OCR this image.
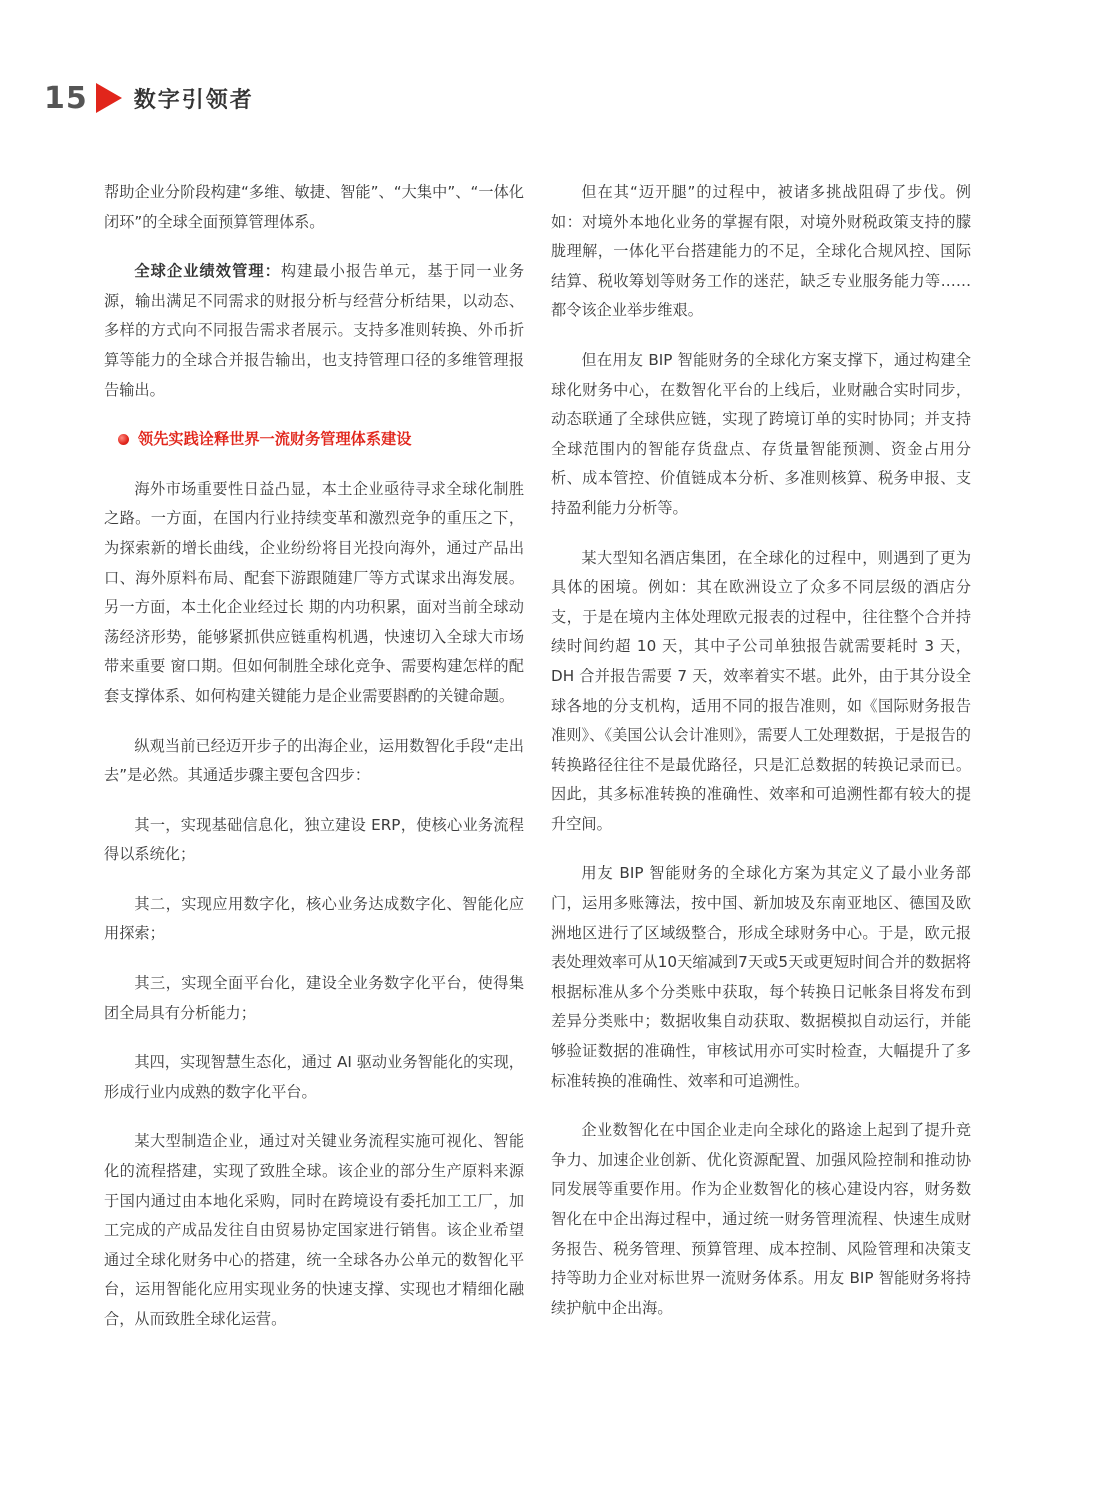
15 数字引领者

帮助企业分阶段构建“多维、敏捷、智能”、“大集中”、“一体化闭环”的全球全面预算管理体系。

全球企业绩效管理：构建最小报告单元，基于同一业务源，输出满足不同需求的财报分析与经营分析结果，以动态、多样的方式向不同报告需求者展示。支持多准则转换、外币折算等能力的全球合并报告输出，也支持管理口径的多维管理报告输出。

领先实践诠释世界一流财务管理体系建设

海外市场重要性日益凸显，本土企业亟待寻求全球化制胜之路。一方面，在国内行业持续变革和激烈竞争的重压之下，为探索新的增长曲线，企业纷纷将目光投向海外，通过产品出口、海外原料布局、配套下游跟随建厂等方式谋求出海发展。另一方面，本土化企业经过长 期的内功积累，面对当前全球动荡经济形势，能够紧抓供应链重构机遇，快速切入全球大市场带来重要 窗口期。但如何制胜全球化竞争、需要构建怎样的配套支撑体系、如何构建关键能力是企业需要斟酌的关键命题。

纵观当前已经迈开步子的出海企业，运用数智化手段“走出去”是必然。其通适步骤主要包含四步：

其一，实现基础信息化，独立建设 ERP，使核心业务流程得以系统化；

其二，实现应用数字化，核心业务达成数字化、智能化应用探索；

其三，实现全面平台化，建设全业务数字化平台，使得集团全局具有分析能力；

其四，实现智慧生态化，通过 AI 驱动业务智能化的实现，形成行业内成熟的数字化平台。

某大型制造企业，通过对关键业务流程实施可视化、智能化的流程搭建，实现了致胜全球。该企业的部分生产原料来源于国内通过由本地化采购，同时在跨境设有委托加工工厂，加工完成的产成品发往自由贸易协定国家进行销售。该企业希望通过全球化财务中心的搭建，统一全球各办公单元的数智化平台，运用智能化应用实现业务的快速支撑、实现也才精细化融合，从而致胜全球化运营。

但在其“迈开腿”的过程中，被诸多挑战阻碍了步伐。例如：对境外本地化业务的掌握有限，对境外财税政策支持的朦胧理解，一体化平台搭建能力的不足，全球化合规风控、国际结算、税收筹划等财务工作的迷茫，缺乏专业服务能力等……都令该企业举步维艰。

但在用友 BIP 智能财务的全球化方案支撑下，通过构建全球化财务中心，在数智化平台的上线后，业财融合实时同步，动态联通了全球供应链，实现了跨境订单的实时协同；并支持全球范围内的智能存货盘点、存货量智能预测、资金占用分析、成本管控、价值链成本分析、多准则核算、税务申报、支持盈利能力分析等。

某大型知名酒店集团，在全球化的过程中，则遇到了更为具体的困境。例如：其在欧洲设立了众多不同层级的酒店分支，于是在境内主体处理欧元报表的过程中，往往整个合并持续时间约超 10 天，其中子公司单独报告就需要耗时 3 天，DH 合并报告需要 7 天，效率着实不堪。此外，由于其分设全球各地的分支机构，适用不同的报告准则，如《国际财务报告准则》、《美国公认会计准则》，需要人工处理数据，于是报告的转换路径往往不是最优路径，只是汇总数据的转换记录而已。因此，其多标准转换的准确性、效率和可追溯性都有较大的提升空间。

用友 BIP 智能财务的全球化方案为其定义了最小业务部门，运用多账簿法，按中国、新加坡及东南亚地区、德国及欧洲地区进行了区域级整合，形成全球财务中心。于是，欧元报表处理效率可从10天缩减到7天或5天或更短时间合并的数据将根据标准从多个分类账中获取，每个转换日记帐条目将发布到差异分类账中；数据收集自动获取、数据模拟自动运行，并能够验证数据的准确性，审核试用亦可实时检查，大幅提升了多标准转换的准确性、效率和可追溯性。

企业数智化在中国企业走向全球化的路途上起到了提升竞争力、加速企业创新、优化资源配置、加强风险控制和推动协同发展等重要作用。作为企业数智化的核心建设内容，财务数智化在中企出海过程中，通过统一财务管理流程、快速生成财务报告、税务管理、预算管理、成本控制、风险管理和决策支持等助力企业对标世界一流财务体系。用友 BIP 智能财务将持续护航中企出海。
